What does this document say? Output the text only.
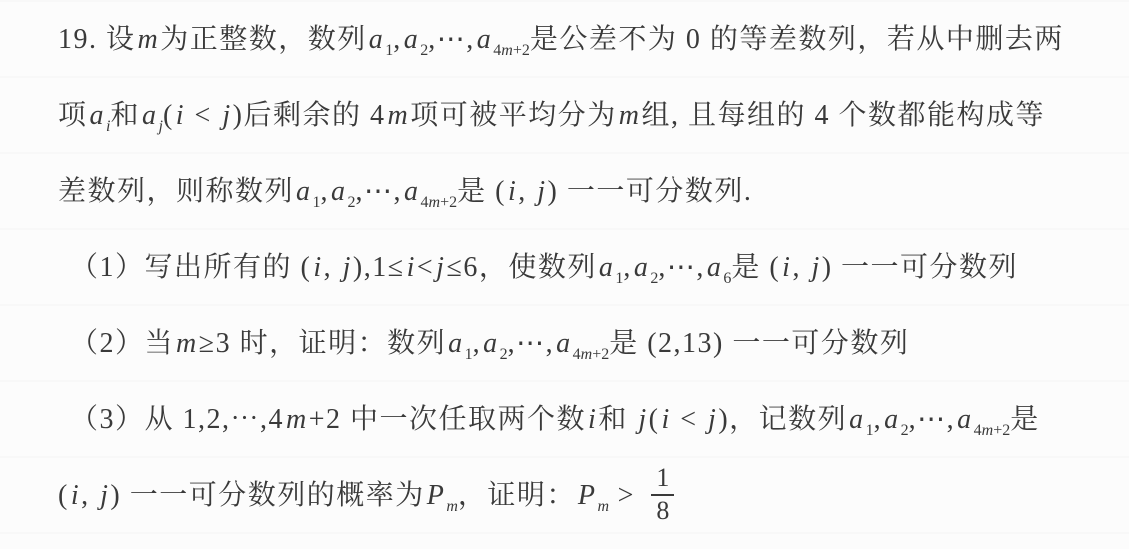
19. 设m为正整数，数列a $_1$,a $_2$,⋯,a $_{4m+2}$是公差不为 0 的等差数列，若从中删去两
项a $_i$和a $_j$(i < j)后剩余的 4m项可被平均分为m组, 且每组的 4 个数都能构成等
差数列，则称数列a $_1$,a $_2$,⋯,a $_{4m+2}$是 (i, j) 一一可分数列.
（1）写出所有的 (i, j),1≤i<j≤6，使数列a $_1$,a $_2$,⋯,a $_6$是 (i, j) 一一可分数列
（2）当m≥3 时，证明：数列a $_1$,a $_2$,⋯,a $_{4m+2}$是 (2,13) 一一可分数列
（3）从 1,2,⋯,4m+2 中一次任取两个数i和 j(i < j)，记数列a $_1$,a $_2$,⋯,a $_{4m+2}$是
(i, j) 一一可分数列的概率为P $_m$，证明：P $_m > \frac{1}{8}$
